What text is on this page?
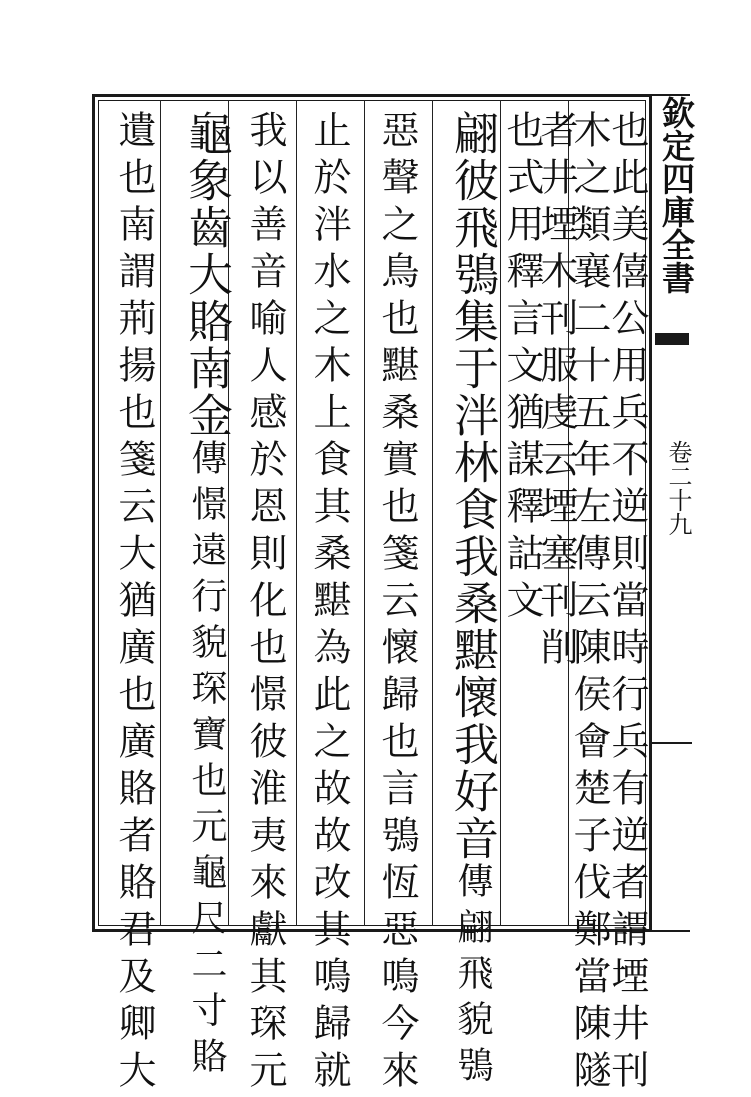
欽定四庫全書
卷二十九
也此美僖公用兵不逆則當時行兵有逆者謂堙井刊
木之類襄二十五年左傳云陳侯會楚子伐鄭當陳隧
者井堙木刊服虔云堙塞刊削
也式用釋言文猶謀釋詁文
翩彼飛鴞集于泮林食我桑黮懷我好音傳翩飛貌鴞
惡聲之鳥也黮桑實也箋云懷歸也言鴞恆惡鳴今來
止於泮水之木上食其桑黮為此之故故改其鳴歸就
我以善音喻人感於恩則化也憬彼淮夷來獻其琛元
龜象齒大賂南金傳憬遠行貌琛寶也元龜尺二寸賂
遺也南謂荊揚也箋云大猶廣也廣賂者賂君及卿大
